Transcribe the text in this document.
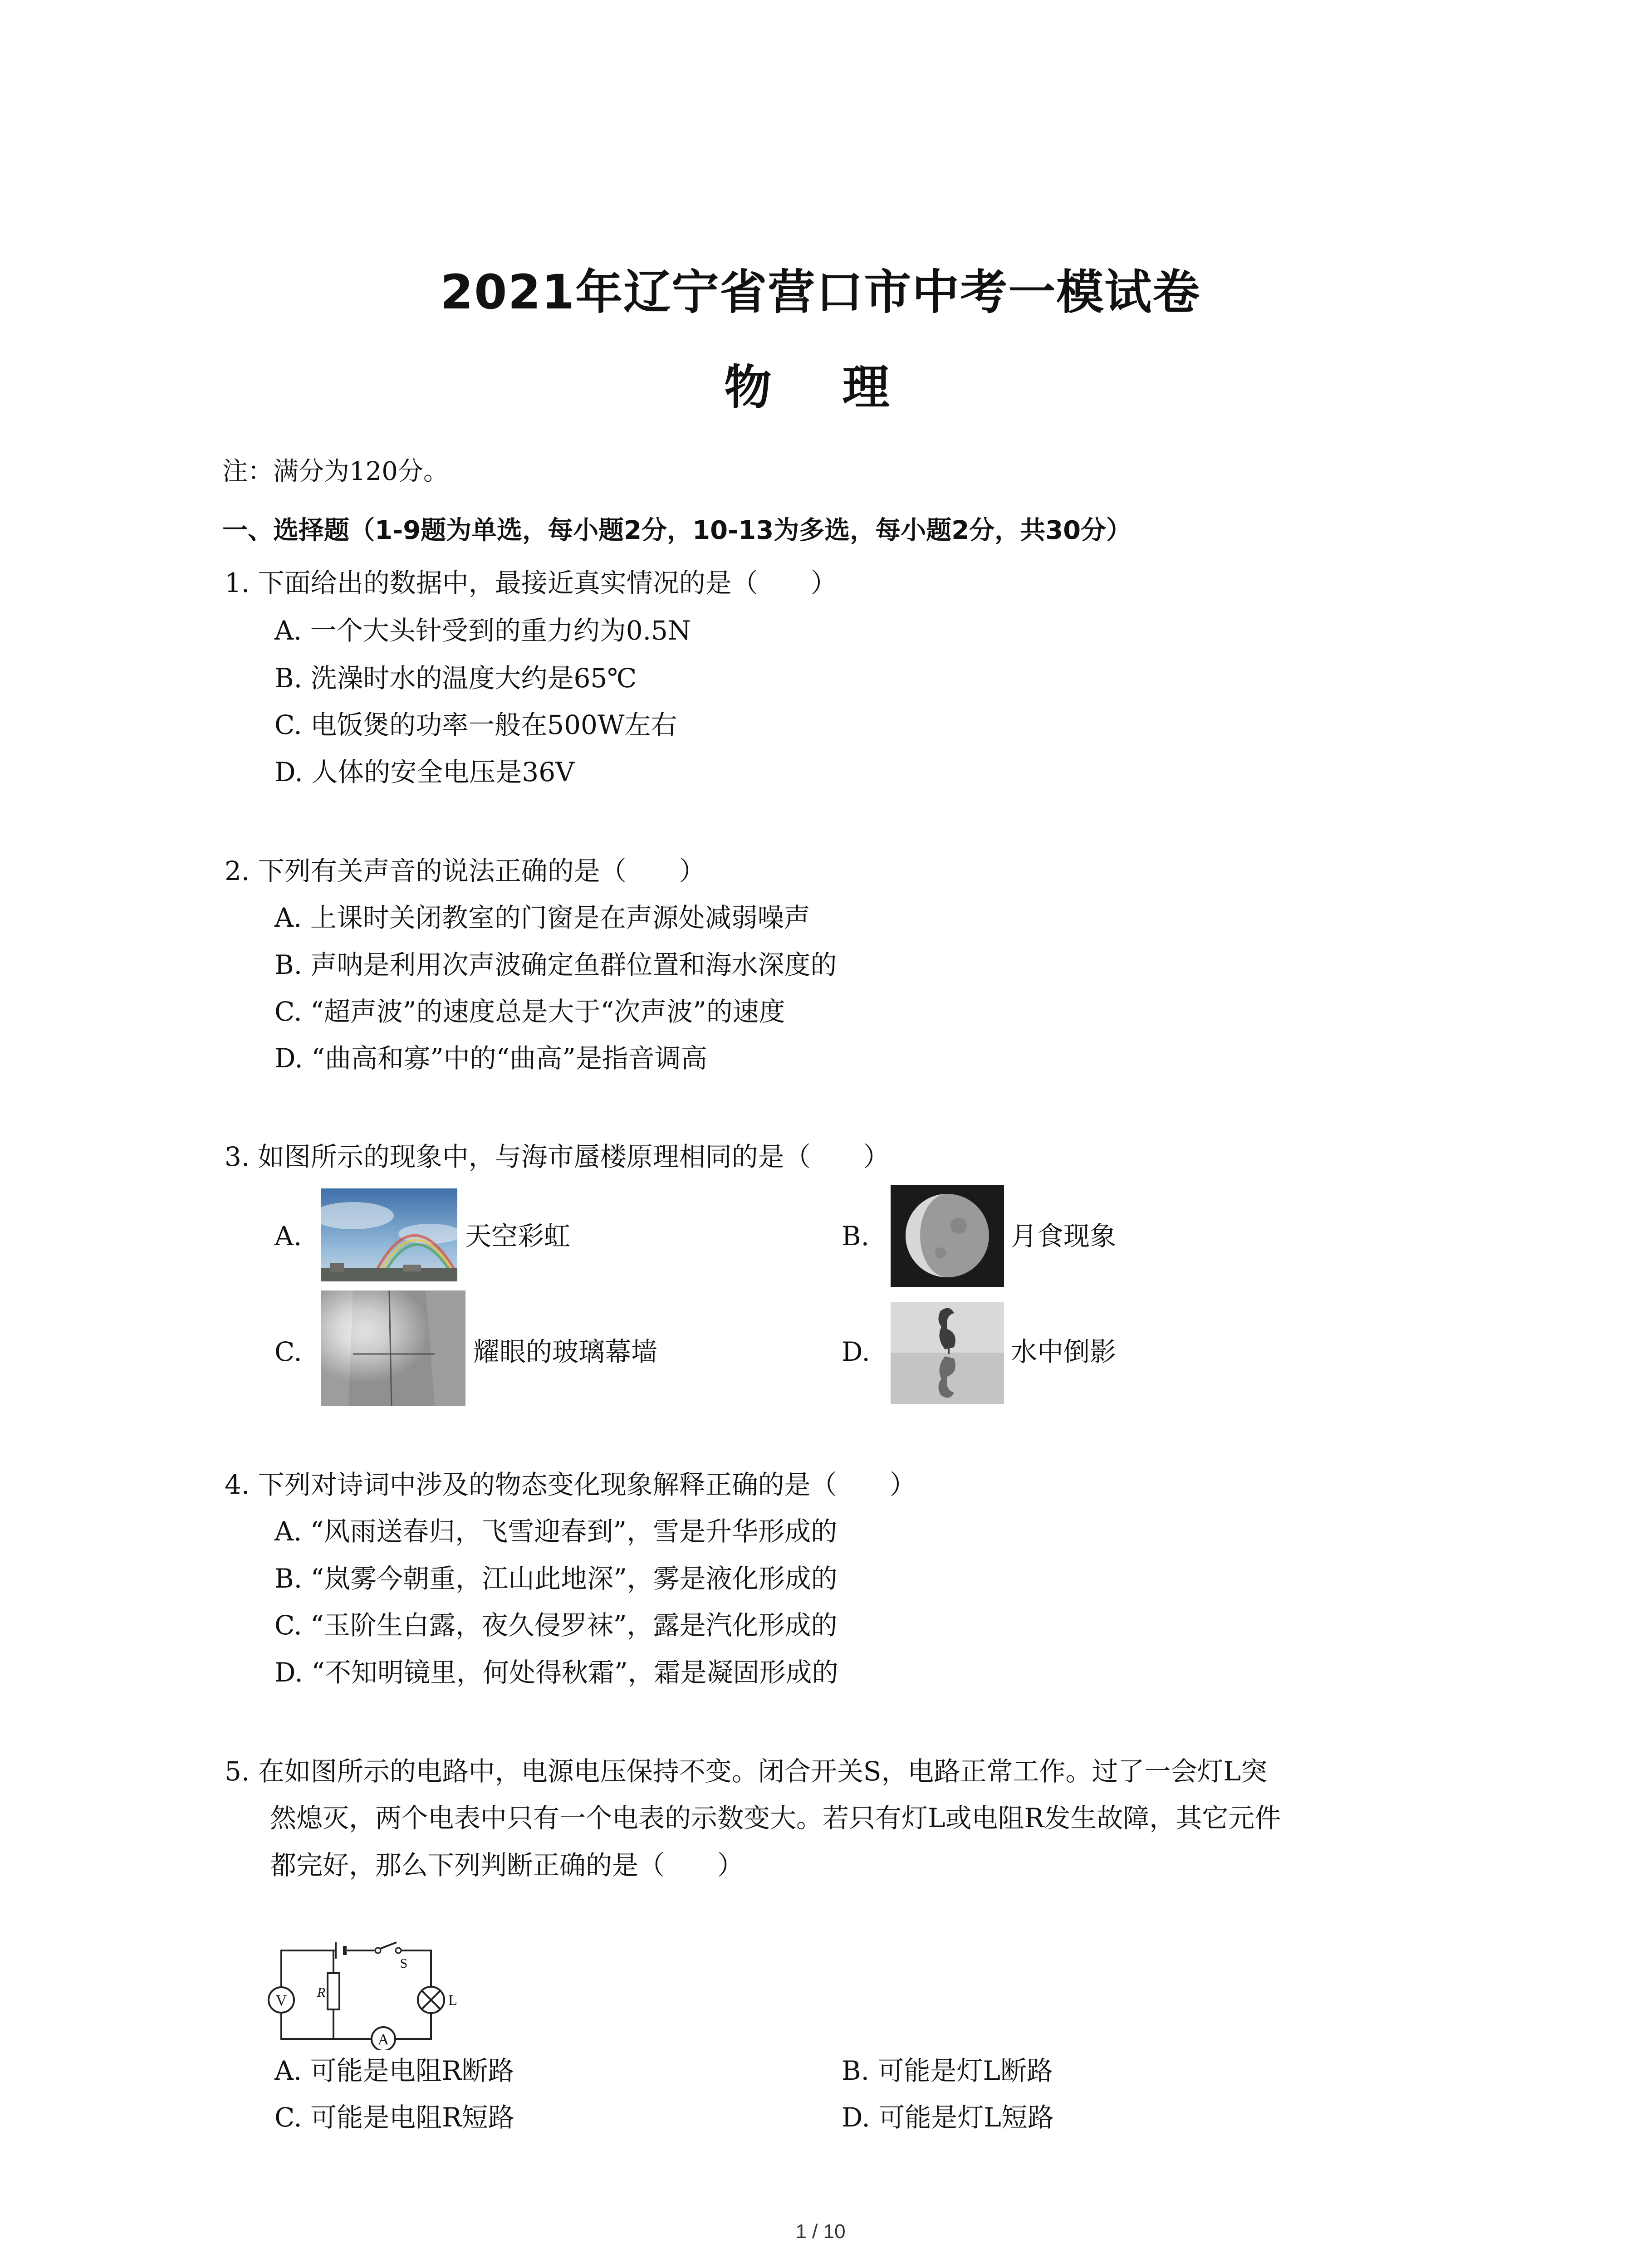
2021年辽宁省营口市中考一模试卷
物 理
注：满分为120分。
一、选择题（1-9题为单选，每小题2分，10-13为多选，每小题2分，共30分）
1. 下面给出的数据中，最接近真实情况的是（　　）
A. 一个大头针受到的重力约为0.5N
B. 洗澡时水的温度大约是65℃
C. 电饭煲的功率一般在500W左右
D. 人体的安全电压是36V
2. 下列有关声音的说法正确的是（　　）
A. 上课时关闭教室的门窗是在声源处减弱噪声
B. 声呐是利用次声波确定鱼群位置和海水深度的
C. “超声波”的速度总是大于“次声波”的速度
D. “曲高和寡”中的“曲高”是指音调高
3. 如图所示的现象中，与海市蜃楼原理相同的是（　　）
A.	天空彩虹	B.	月食现象
C.	耀眼的玻璃幕墙	D.	水中倒影
4. 下列对诗词中涉及的物态变化现象解释正确的是（　　）
A. “风雨送春归，飞雪迎春到”，雪是升华形成的
B. “岚雾今朝重，江山此地深”，雾是液化形成的
C. “玉阶生白露，夜久侵罗袜”，露是汽化形成的
D. “不知明镜里，何处得秋霜”，霜是凝固形成的
5. 在如图所示的电路中，电源电压保持不变。闭合开关S，电路正常工作。过了一会灯L突
然熄灭，两个电表中只有一个电表的示数变大。若只有灯L或电阻R发生故障，其它元件
都完好，那么下列判断正确的是（　　）
V
A
R
S
L
A. 可能是电阻R断路	B. 可能是灯L断路
C. 可能是电阻R短路	D. 可能是灯L短路
1 / 10
